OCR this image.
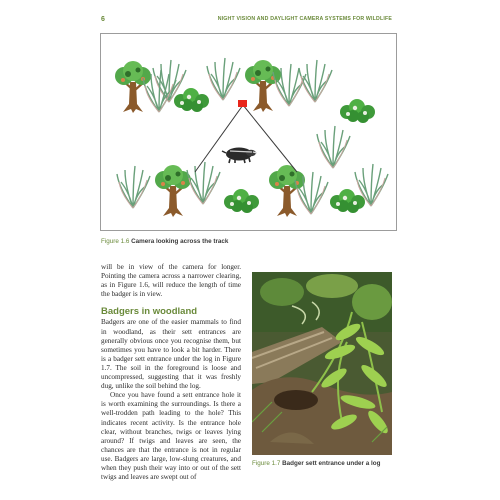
6	NIGHT VISION AND DAYLIGHT CAMERA SYSTEMS FOR WILDLIFE
Figure 1.6 Camera looking across the track

will be in view of the camera for longer. Pointing the camera across a narrower clearing, as in Figure 1.6, will reduce the length of time the badger is in view.

Badgers in woodland

Badgers are one of the easier mammals to find in woodland, as their sett entrances are generally obvious once you recognise them, but sometimes you have to look a bit harder. There is a badger sett entrance under the log in Figure 1.7. The soil in the foreground is loose and uncompressed, suggesting that it was freshly dug, unlike the soil behind the log.

Once you have found a sett entrance hole it is worth examining the surroundings. Is there a well-trodden path leading to the hole? This indicates recent activity. Is the entrance hole clear, without branches, twigs or leaves lying around? If twigs and leaves are seen, the chances are that the entrance is not in regular use. Badgers are large, low-slung creatures, and when they push their way into or out of the sett twigs and leaves are swept out of

Figure 1.7 Badger sett entrance under a log
